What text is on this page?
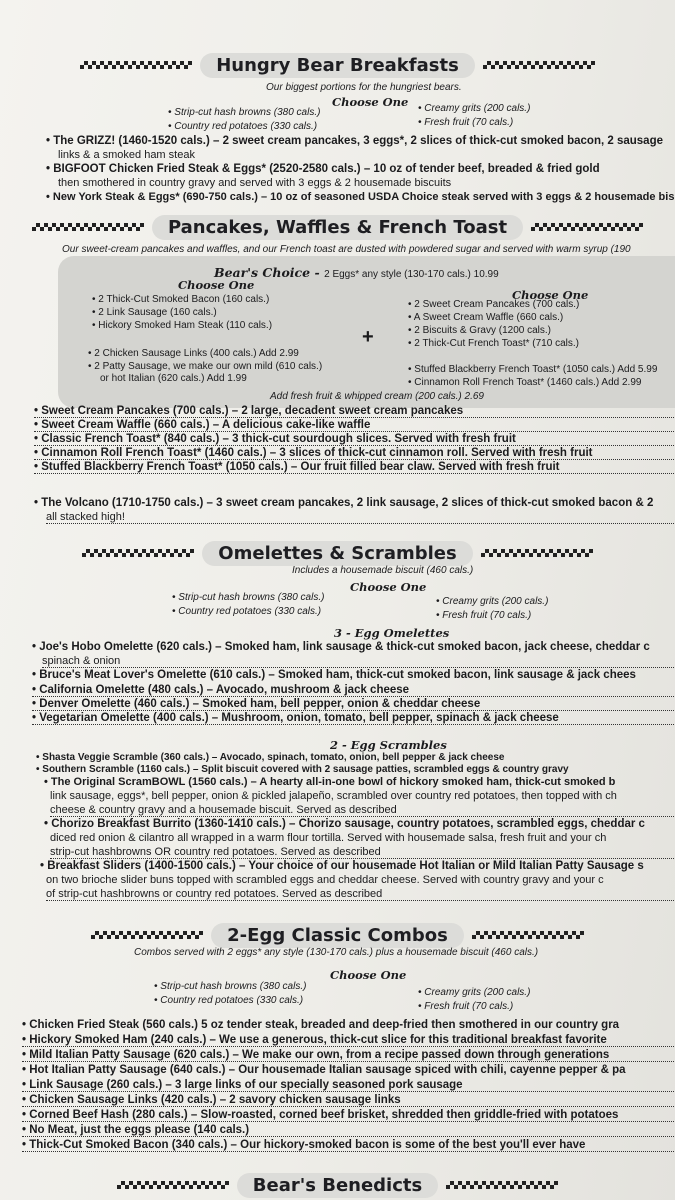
Hungry Bear Breakfasts
Our biggest portions for the hungriest bears.
Choose One
• Strip-cut hash browns (380 cals.)
• Country red potatoes (330 cals.)
• Creamy grits (200 cals.)
• Fresh fruit (70 cals.)
• The GRIZZ! (1460-1520 cals.) – 2 sweet cream pancakes, 3 eggs*, 2 slices of thick-cut smoked bacon, 2 sausage
links & a smoked ham steak
• BIGFOOT Chicken Fried Steak & Eggs* (2520-2580 cals.) – 10 oz of tender beef, breaded & fried gold
then smothered in country gravy and served with 3 eggs & 2 housemade biscuits
• New York Steak & Eggs* (690-750 cals.) – 10 oz of seasoned USDA Choice steak served with 3 eggs & 2 housemade bis
Pancakes, Waffles & French Toast
Our sweet-cream pancakes and waffles, and our French toast are dusted with powdered sugar and served with warm syrup (190
Bear's Choice - 2 Eggs* any style (130-170 cals.) 10.99
Choose One
Choose One
• 2 Thick-Cut Smoked Bacon (160 cals.)
• 2 Link Sausage (160 cals.)
• Hickory Smoked Ham Steak (110 cals.)
• 2 Chicken Sausage Links (400 cals.) Add 2.99
• 2 Patty Sausage, we make our own mild (610 cals.)
or hot Italian (620 cals.) Add 1.99
+
• 2 Sweet Cream Pancakes (700 cals.)
• A Sweet Cream Waffle (660 cals.)
• 2 Biscuits & Gravy (1200 cals.)
• 2 Thick-Cut French Toast* (710 cals.)
• Stuffed Blackberry French Toast* (1050 cals.) Add 5.99
• Cinnamon Roll French Toast* (1460 cals.) Add 2.99
Add fresh fruit & whipped cream (200 cals.) 2.69
• Sweet Cream Pancakes (700 cals.) – 2 large, decadent sweet cream pancakes
• Sweet Cream Waffle (660 cals.) – A delicious cake-like waffle
• Classic French Toast* (840 cals.) – 3 thick-cut sourdough slices. Served with fresh fruit
• Cinnamon Roll French Toast* (1460 cals.) – 3 slices of thick-cut cinnamon roll. Served with fresh fruit
• Stuffed Blackberry French Toast* (1050 cals.) – Our fruit filled bear claw. Served with fresh fruit
• The Volcano (1710-1750 cals.) – 3 sweet cream pancakes, 2 link sausage, 2 slices of thick-cut smoked bacon & 2
all stacked high!
Omelettes & Scrambles
Includes a housemade biscuit (460 cals.)
Choose One
• Strip-cut hash browns (380 cals.)
• Country red potatoes (330 cals.)
• Creamy grits (200 cals.)
• Fresh fruit (70 cals.)
3 - Egg Omelettes
• Joe's Hobo Omelette (620 cals.) – Smoked ham, link sausage & thick-cut smoked bacon, jack cheese, cheddar c
spinach & onion
• Bruce's Meat Lover's Omelette (610 cals.) – Smoked ham, thick-cut smoked bacon, link sausage & jack chees
• California Omelette (480 cals.) – Avocado, mushroom & jack cheese
• Denver Omelette (460 cals.) – Smoked ham, bell pepper, onion & cheddar cheese
• Vegetarian Omelette (400 cals.) – Mushroom, onion, tomato, bell pepper, spinach & jack cheese
2 - Egg Scrambles
• Shasta Veggie Scramble (360 cals.) – Avocado, spinach, tomato, onion, bell pepper & jack cheese
• Southern Scramble (1160 cals.) – Split biscuit covered with 2 sausage patties, scrambled eggs & country gravy
• The Original ScramBOWL (1560 cals.) – A hearty all-in-one bowl of hickory smoked ham, thick-cut smoked b
link sausage, eggs*, bell pepper, onion & pickled jalapeño, scrambled over country red potatoes, then topped with ch
cheese & country gravy and a housemade biscuit. Served as described
• Chorizo Breakfast Burrito (1360-1410 cals.) – Chorizo sausage, country potatoes, scrambled eggs, cheddar c
diced red onion & cilantro all wrapped in a warm flour tortilla. Served with housemade salsa, fresh fruit and your ch
strip-cut hashbrowns OR country red potatoes. Served as described
• Breakfast Sliders (1400-1500 cals.) – Your choice of our housemade Hot Italian or Mild Italian Patty Sausage s
on two brioche slider buns topped with scrambled eggs and cheddar cheese. Served with country gravy and your c
of strip-cut hashbrowns or country red potatoes. Served as described
2-Egg Classic Combos
Combos served with 2 eggs* any style (130-170 cals.) plus a housemade biscuit (460 cals.)
Choose One
• Strip-cut hash browns (380 cals.)
• Country red potatoes (330 cals.)
• Creamy grits (200 cals.)
• Fresh fruit (70 cals.)
• Chicken Fried Steak (560 cals.) 5 oz tender steak, breaded and deep-fried then smothered in our country gra
• Hickory Smoked Ham (240 cals.) – We use a generous, thick-cut slice for this traditional breakfast favorite
• Mild Italian Patty Sausage (620 cals.) – We make our own, from a recipe passed down through generations
• Hot Italian Patty Sausage (640 cals.) – Our housemade Italian sausage spiced with chili, cayenne pepper & pa
• Link Sausage (260 cals.) – 3 large links of our specially seasoned pork sausage
• Chicken Sausage Links (420 cals.) – 2 savory chicken sausage links
• Corned Beef Hash (280 cals.) – Slow-roasted, corned beef brisket, shredded then griddle-fried with potatoes
• No Meat, just the eggs please (140 cals.)
• Thick-Cut Smoked Bacon (340 cals.) – Our hickory-smoked bacon is some of the best you'll ever have
Bear's Benedicts
